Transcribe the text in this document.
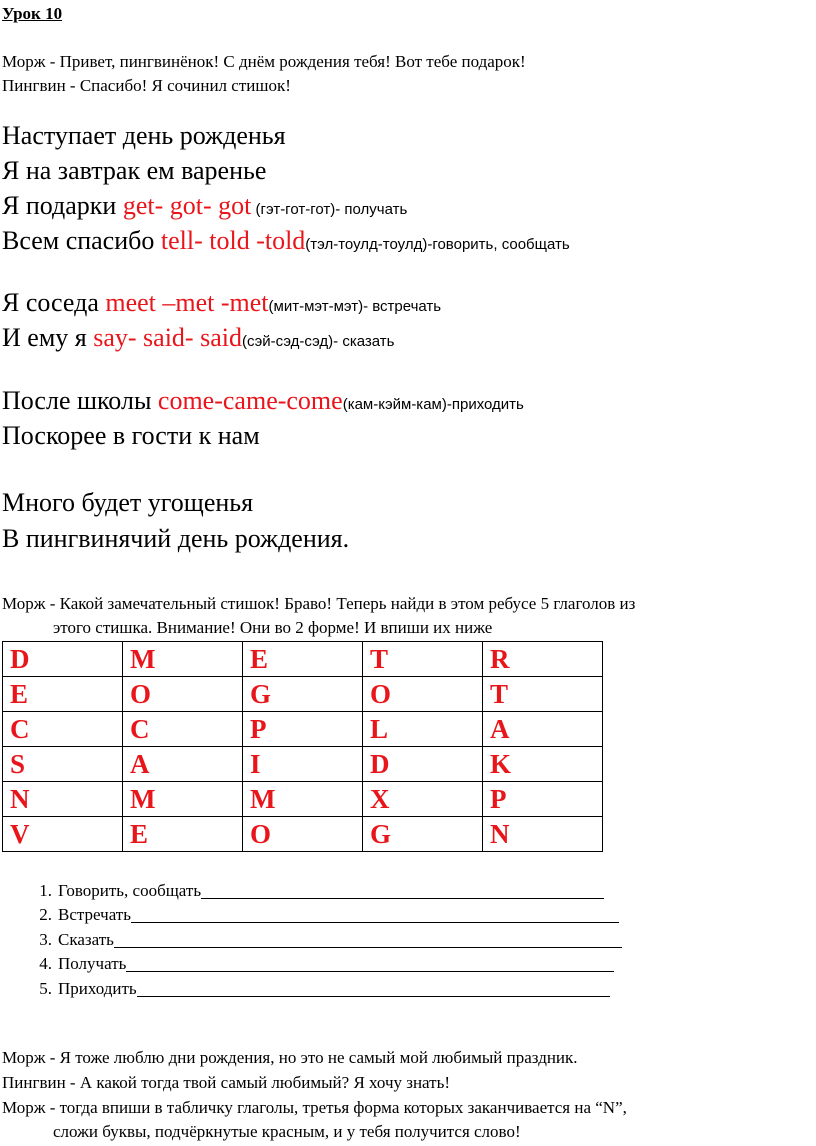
Урок 10
Морж - Привет, пингвинёнок! С днём рождения тебя! Вот тебе подарок!
Пингвин - Спасибо! Я сочинил стишок!
Наступает день рожденья
Я на завтрак ем варенье
Я подарки get- got- got (гэт-гот-гот)- получать
Всем спасибо tell- told -told(тэл-тоулд-тоулд)-говорить, сообщать
Я соседа meet –met -met(мит-мэт-мэт)- встречать
И ему я say- said- said(сэй-сэд-сэд)- сказать
После школы come-came-come(кам-кэйм-кам)-приходить
Поскорее в гости к нам
Много будет угощенья
В пингвинячий день рождения.
Морж - Какой замечательный стишок! Браво! Теперь найди в этом ребусе 5 глаголов из
этого стишка. Внимание! Они во 2 форме! И впиши их ниже
D	M	E	T	R
E	O	G	O	T
C	C	P	L	A
S	A	I	D	K
N	M	M	X	P
V	E	O	G	N
1. Говорить, сообщать
2. Встречать
3. Сказать
4. Получать
5. Приходить
Морж - Я тоже люблю дни рождения, но это не самый мой любимый праздник.
Пингвин - А какой тогда твой самый любимый? Я хочу знать!
Морж - тогда впиши в табличку глаголы, третья форма которых заканчивается на “N”,
сложи буквы, подчёркнутые красным, и у тебя получится слово!
